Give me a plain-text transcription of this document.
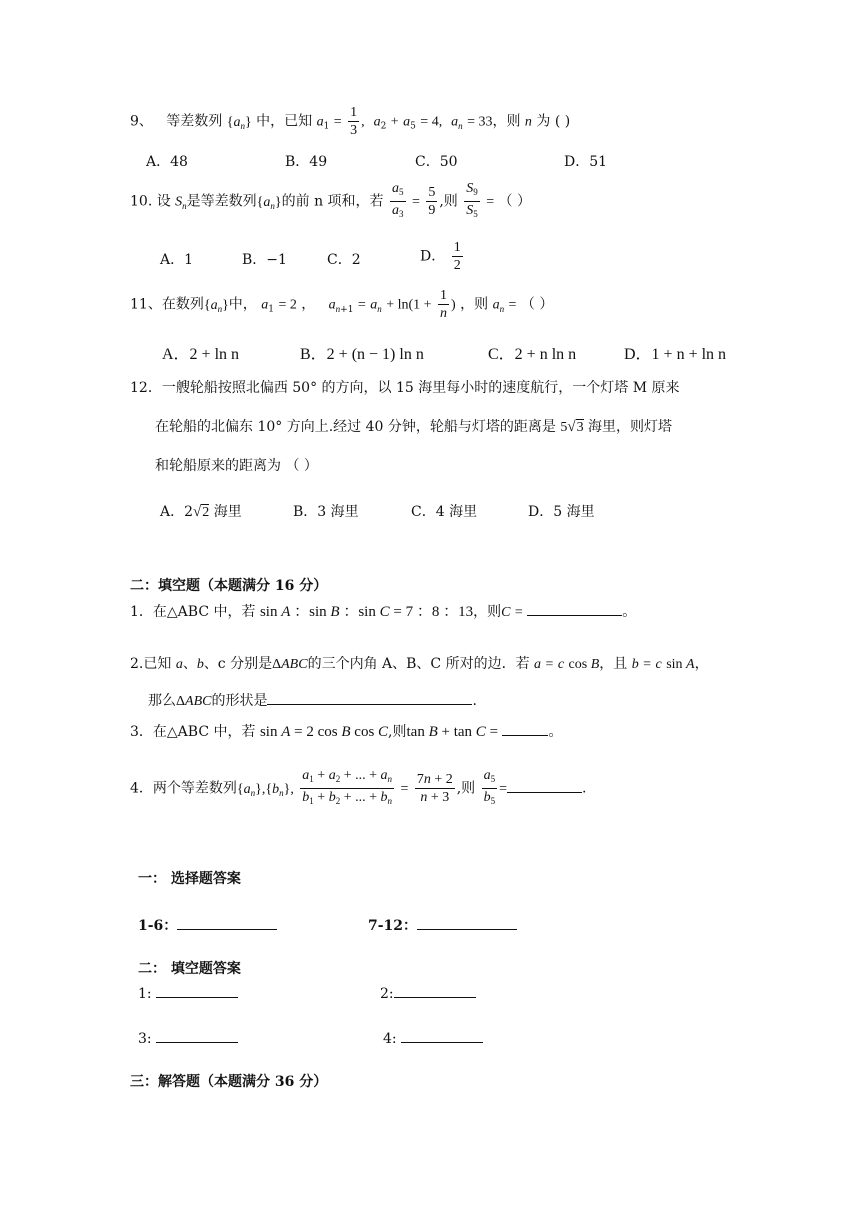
9、 等差数列 $\{a_n\}$ 中，已知 $a_1 = \frac{1}{3}$ , $a_2 + a_5 = 4$, $a_n = 33$，则 n 为 ( )
A．48	B．49	C．50	D．51
10. 设 $S_n$是等差数列$\{a_n\}$的前 n 项和，若 $\frac{a_5}{a_3} = \frac{5}{9}$ ,则 $\frac{S_9}{S_5}$ = （ ）
A．1	B．−1	C．2	D． $\frac{1}{2}$
11、在数列$\{a_n\}$中， $a_1 = 2$ ，   $a_{n+1} = a_n + \ln(1 + \frac{1}{n}$ ) ，则 $a_n$ = （ ）
A．2 + ln n	B．2 + (n − 1) ln n	C．2 + n ln n	D．1 + n + ln n
12．一艘轮船按照北偏西 50° 的方向，以 15 海里每小时的速度航行，一个灯塔 M 原来
在轮船的北偏东 10° 方向上.经过 40 分钟，轮船与灯塔的距离是 5√3 海里，则灯塔
和轮船原来的距离为 （ ）
A．2√2 海里	B．3 海里	C．4 海里	D．5 海里
二：填空题（本题满分 16 分）
1．在△ABC 中，若 sin A ：sin B ：sin C = 7 ：8 ：13，则C =	。
2.已知 a、b、c 分别是ΔABC的三个内角 A、B、C 所对的边．若 a = c cos B，且 b = c sin A，
那么ΔABC的形状是	.
3．在△ABC 中，若 sin A = 2 cos B cos C,则tan B + tan C =	。
4．两个等差数列$\{a_n\},\{b_n\}$, $\frac{a_1 + a_2 + ... + a_n}{b_1 + b_2 + ... + b_n} = \frac{7n + 2}{n + 3}$ ,则 $\frac{a_5}{b_5}$ =	.
一： 选择题答案
1-6：	7-12：
二： 填空题答案
1:	2:
3:	4:
三：解答题（本题满分 36 分）
